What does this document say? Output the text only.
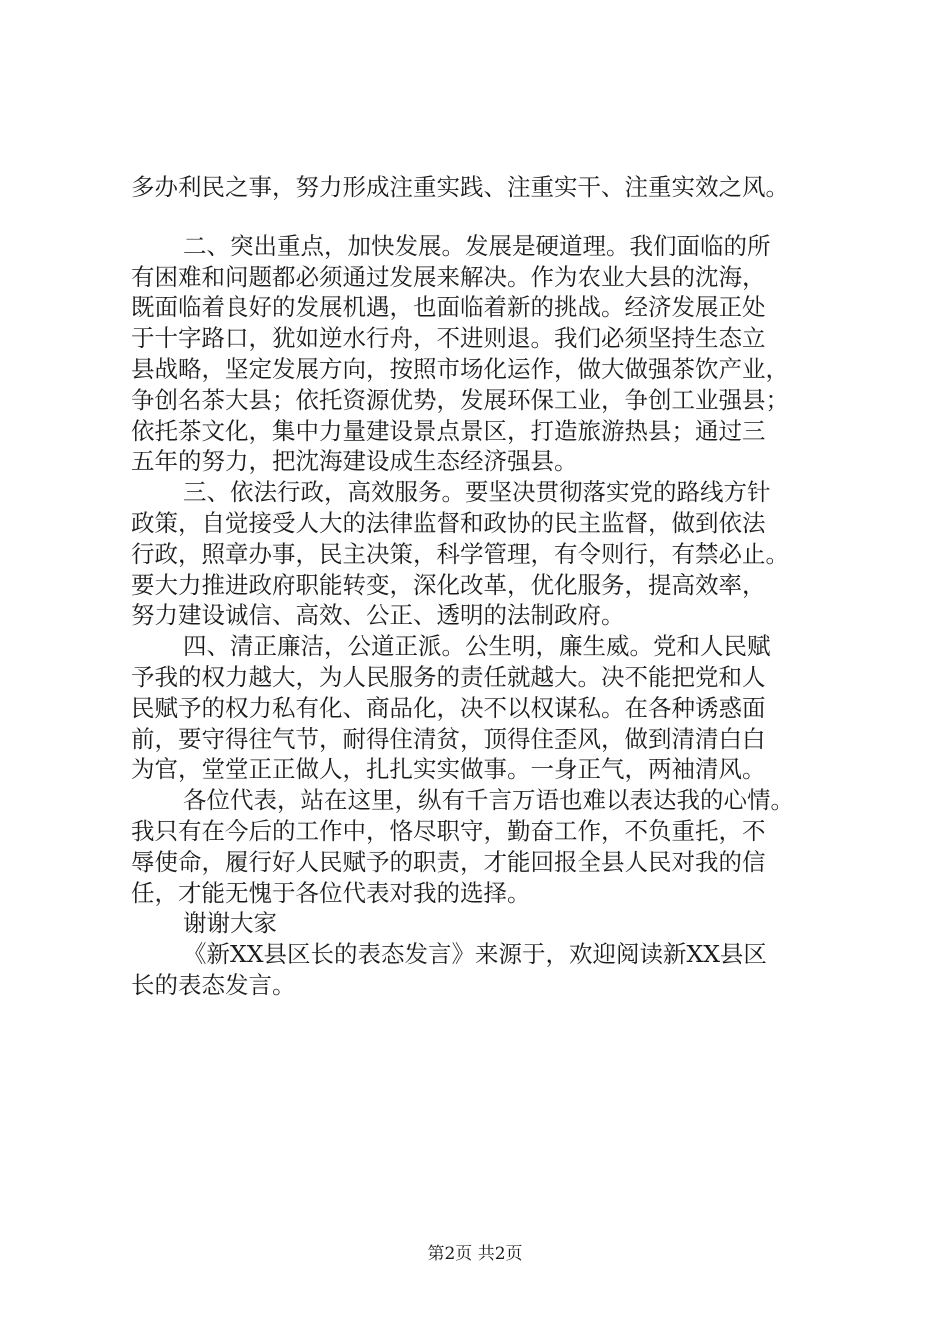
多办利民之事，努力形成注重实践、注重实干、注重实效之风。
二、突出重点，加快发展。发展是硬道理。我们面临的所
有困难和问题都必须通过发展来解决。作为农业大县的沈海，
既面临着良好的发展机遇，也面临着新的挑战。经济发展正处
于十字路口，犹如逆水行舟，不进则退。我们必须坚持生态立
县战略，坚定发展方向，按照市场化运作，做大做强茶饮产业，
争创名茶大县；依托资源优势，发展环保工业，争创工业强县；
依托茶文化，集中力量建设景点景区，打造旅游热县；通过三
五年的努力，把沈海建设成生态经济强县。
三、依法行政，高效服务。要坚决贯彻落实党的路线方针
政策，自觉接受人大的法律监督和政协的民主监督，做到依法
行政，照章办事，民主决策，科学管理，有令则行，有禁必止。
要大力推进政府职能转变，深化改革，优化服务，提高效率，
努力建设诚信、高效、公正、透明的法制政府。
四、清正廉洁，公道正派。公生明，廉生威。党和人民赋
予我的权力越大，为人民服务的责任就越大。决不能把党和人
民赋予的权力私有化、商品化，决不以权谋私。在各种诱惑面
前，要守得往气节，耐得住清贫，顶得住歪风，做到清清白白
为官，堂堂正正做人，扎扎实实做事。一身正气，两袖清风。
各位代表，站在这里，纵有千言万语也难以表达我的心情。
我只有在今后的工作中，恪尽职守，勤奋工作，不负重托，不
辱使命，履行好人民赋予的职责，才能回报全县人民对我的信
任，才能无愧于各位代表对我的选择。
谢谢大家
《新XX县区长的表态发言》来源于，欢迎阅读新XX县区
长的表态发言。
第2页 共2页
